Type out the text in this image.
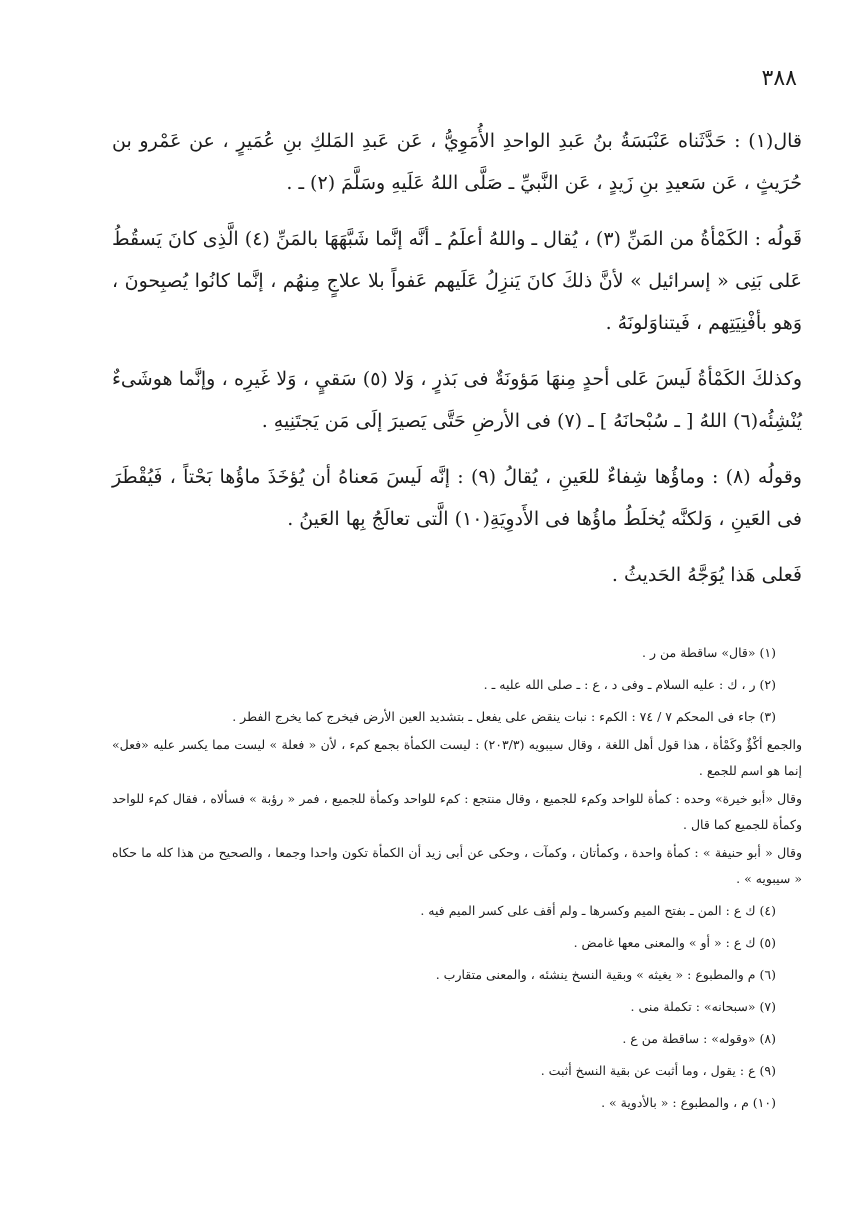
٣٨٨

قال(١) : حَدَّثَناه عَنْبَسَةُ بنُ عَبدِ الواحدِ الأُمَوِيُّ ، عَن عَبدِ المَلكِ بنِ عُمَيرٍ ، عن عَمْرو بن حُرَيثٍ ، عَن سَعيدِ بنِ زَيدٍ ، عَن النَّبيِّ ـ صَلَّى اللهُ عَلَيهِ وسَلَّمَ (٢) ـ .

قَولُه : الكَمْأةُ من المَنِّ (٣) ، يُقال ـ واللهُ أعلَمُ ـ أنَّه إنَّما شَبَّهَهَا بالمَنِّ (٤) الَّذِى كانَ يَسقُطُ عَلى بَنِى « إسرائيل » لأنَّ ذلكَ كانَ يَنزِلُ عَلَيهم عَفواً بلا علاجٍ مِنهُم ، إنَّما كانُوا يُصبِحونَ ، وَهو بأفْنِيَتِهم ، فَيتناوَلونَهُ .

وكذلكَ الكَمْأةُ لَيسَ عَلى أحدٍ مِنهَا مَؤونَةٌ فى بَذرٍ ، وَلا (٥) سَقيٍ ، وَلا غَيرِه ، وإنَّما هوشَىءٌ يُنْشِئُه(٦) اللهُ [ ـ سُبْحانَهُ ] ـ (٧) فى الأرضِ حَتَّى يَصيرَ إلَى مَن يَجتَنِيهِ .

وقولُه (٨) : وماؤُها شِفاءٌ للعَينِ ، يُقالُ (٩) : إنَّه لَيسَ مَعناهُ أن يُؤخَذَ ماؤُها بَحْتاً ، فَيُقْطَرَ فى العَينِ ، وَلكنَّه يُخلَطُ ماؤُها فى الأَدوِيَةِ(١٠) الَّتى تعالَجُ بِها العَينُ .

فَعلى هَذا يُوَجَّهُ الحَديثُ .

(١) «قال» ساقطة من ر .

(٢) ر ، ك : عليه السلام ـ وفى د ، ع : ـ صلى الله عليه ـ .

(٣) جاء فى المحكم ٧ / ٧٤ : الكمء : نبات ينقض على يفعل ـ بتشديد العين الأرض فيخرج كما يخرج الفطر .

والجمع أكْؤٌ وكَمْأة ، هذا قول أهل اللغة ، وقال سيبويه (٢٠٣/٣) : ليست الكمأة بجمع كمء ، لأن « فعلة » ليست مما يكسر عليه «فعل» إنما هو اسم للجمع .

وقال «أبو خيرة» وحده : كمأة للواحد وكمء للجميع ، وقال منتجع : كمء للواحد وكمأة للجميع ، فمر « رؤبة » فسألاه ، فقال كمء للواحد وكمأة للجميع كما قال .

وقال « أبو حنيفة » : كمأة واحدة ، وكمأتان ، وكمآت ، وحكى عن أبى زيد أن الكمأة تكون واحدا وجمعا ، والصحيح من هذا كله ما حكاه « سيبويه » .

(٤) ك ع : المن ـ بفتح الميم وكسرها ـ ولم أقف على كسر الميم فيه .

(٥) ك ع : « أو » والمعنى معها غامض .

(٦) م والمطبوع : « يغيثه » وبقية النسخ ينشئه ، والمعنى متقارب .

(٧) «سبحانه» : تكملة منى .

(٨) «وقوله» : ساقطة من ع .

(٩) ع : يقول ، وما أثبت عن بقية النسخ أثبت .

(١٠) م ، والمطبوع : « بالأدوية » .
